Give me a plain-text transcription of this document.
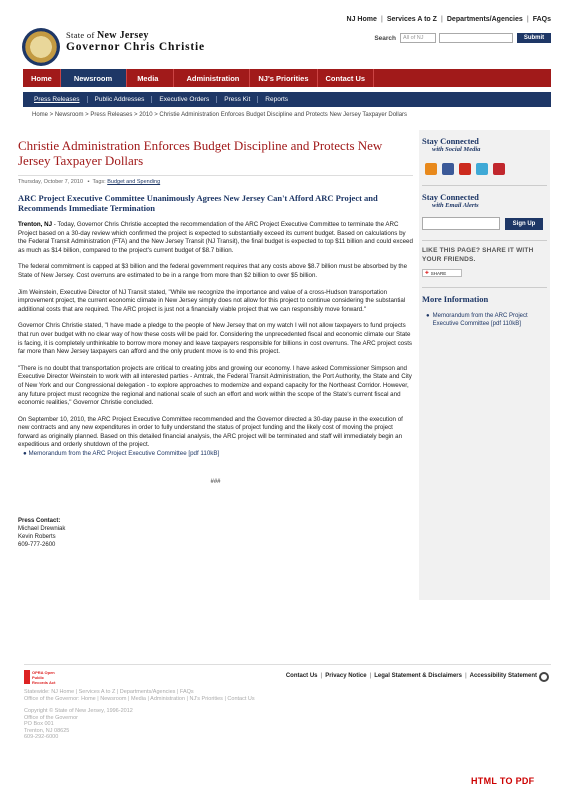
State of New Jersey
Governor Chris Christie
NJ Home | Services A to Z | Departments/Agencies | FAQs
Search	All of NJ	Submit
Home	Newsroom	Media	Administration	NJ's Priorities	Contact Us
Press Releases	Public Addresses	Executive Orders	Press Kit	Reports
Home > Newsroom > Press Releases > 2010 > Christie Administration Enforces Budget Discipline and Protects New Jersey Taxpayer Dollars
Christie Administration Enforces Budget Discipline and Protects New Jersey Taxpayer Dollars
Thursday, October 7, 2010   ▪  Tags: Budget and Spending
ARC Project Executive Committee Unanimously Agrees New Jersey Can't Afford ARC Project and Recommends Immediate Termination

Trenton, NJ - Today, Governor Chris Christie accepted the recommendation of the ARC Project Executive Committee to terminate the ARC Project based on a 30-day review which confirmed the project is expected to substantially exceed its current budget. Based on calculations by the Federal Transit Administration (FTA) and the New Jersey Transit (NJ Transit), the final budget is expected to top $11 billion and could exceed as much as $14 billion, compared to the project's current budget of $8.7 billion.

The federal commitment is capped at $3 billion and the federal government requires that any costs above $8.7 billion must be absorbed by the State of New Jersey. Cost overruns are estimated to be in a range from more than $2 billion to over $5 billion.

Jim Weinstein, Executive Director of NJ Transit stated, "While we recognize the importance and value of a cross-Hudson transportation improvement project, the current economic climate in New Jersey simply does not allow for this project to continue considering the substantial additional costs that are required. The ARC project is just not a financially viable project that we can responsibly move forward."

Governor Chris Christie stated, "I have made a pledge to the people of New Jersey that on my watch I will not allow taxpayers to fund projects that run over budget with no clear way of how these costs will be paid for. Considering the unprecedented fiscal and economic climate our State is facing, it is completely unthinkable to borrow more money and leave taxpayers responsible for billions in cost overruns. The ARC project costs far more than New Jersey taxpayers can afford and the only prudent move is to end this project.

"There is no doubt that transportation projects are critical to creating jobs and growing our economy. I have asked Commissioner Simpson and Executive Director Weinstein to work with all interested parties - Amtrak, the Federal Transit Administration, the Port Authority, the State and City of New York and our Congressional delegation - to explore approaches to modernize and expand capacity for the Northeast Corridor. However, any future project must recognize the regional and national scale of such an effort and work within the scope of the State's current fiscal and economic realities," Governor Christie concluded.

On September 10, 2010, the ARC Project Executive Committee recommended and the Governor directed a 30-day pause in the execution of new contracts and any new expenditures in order to fully understand the status of project funding and the likely cost of moving the project forward as originally planned. Based on this detailed financial analysis, the ARC project will be terminated and staff will immediately begin an expeditious and orderly shutdown of the project.

● Memorandum from the ARC Project Executive Committee [pdf 110kB]
###
Press Contact:
Michael Drewniak
Kevin Roberts
609-777-2600
Stay Connected
with Social Media
Stay Connected
with Email Alerts
Sign Up
LIKE THIS PAGE? SHARE IT WITH YOUR FRIENDS.
✚ SHARE
More Information
● Memorandum from the ARC Project Executive Committee [pdf 110kB]
OPRA Open Public Records Act
Contact Us | Privacy Notice | Legal Statement & Disclaimers | Accessibility Statement
Statewide: NJ Home | Services A to Z | Departments/Agencies | FAQs
Office of the Governor: Home | Newsroom | Media | Administration | NJ's Priorities | Contact Us
Copyright © State of New Jersey, 1996-2012
Office of the Governor
PO Box 001
Trenton, NJ 08625
609-292-6000
HTML TO PDF
